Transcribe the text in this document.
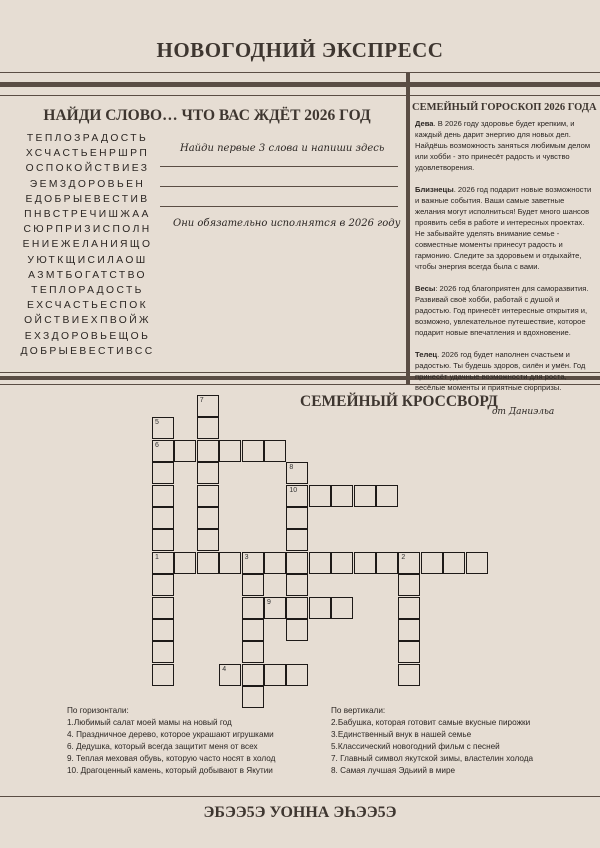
НОВОГОДНИЙ ЭКСПРЕСС
НАЙДИ СЛОВО… ЧТО ВАС ЖДЁТ 2026 ГОД
ТЕПЛОЗРАДОСТЬ
ХСЧАСТЬЕНРШРП
ОСПОКОЙСТВИЕЗ
ЭЕМЗДОРОВЬЕН
ЕДОБРЫЕВЕСТИВ
ПНВСТРЕЧИШЖАА
СЮРПРИЗИСПОЛН
ЕНИЕЖЕЛАНИЯЩО
УЮТКЩИСИЛАОШ
АЗМТБОГАТСТВО
ТЕПЛОРАДОСТЬ
ЕХСЧАСТЬЕСПОК
ОЙСТВИЕХПВОЙЖ
ЕХЗДОРОВЬЕЩОЬ
ДОБРЫЕВЕСТИВСС
Найди первые 3 слова и напиши здесь
Они обязательно исполнятся в 2026 году
СЕМЕЙНЫЙ ГОРОСКОП 2026 ГОДА

Дева. В 2026 году здоровье будет крепким, и каждый день дарит энергию для новых дел. Найдёшь возможность заняться любимым делом или хобби - это принесёт радость и чувство удовлетворения.

Близнецы. 2026 год подарит новые возможности и важные события. Ваши самые заветные желания могут исполниться! Будет много шансов проявить себя в работе и интересных проектах. Не забывайте уделять внимание семье - совместные моменты принесут радость и гармонию. Следите за здоровьем и отдыхайте, чтобы энергия всегда была с вами.

Весы: 2026 год благоприятен для саморазвития. Развивай своё хобби, работай с душой и радостью. Год принесёт интересные открытия и, возможно, увлекательное путешествие, которое подарит новые впечатления и вдохновение.

Телец. 2026 год будет наполнен счастьем и радостью. Ты будешь здоров, силён и умён. Год принесёт удачные возможности для роста, весёлые моменты и приятные сюрпризы.

СЕМЕЙНЫЙ КРОССВОРД
от Даниэльа
5
6
1
7
8
10
3	2
9
4
По горизонтали:
1.Любимый салат моей мамы на новый год
4. Праздничное дерево, которое украшают игрушками
6. Дедушка, который всегда защитит меня от всех
9. Теплая меховая обувь, которую часто носят в холод
10. Драгоценный камень, который добывают в Якутии
По вертикали:
2.Бабушка, которая готовит самые вкусные пирожки
3.Единственный внук в нашей семье
5.Классический новогодний фильм с песней
7. Главный символ якутской зимы, властелин холода
8. Самая лучшая Эдьиий в мире
ЭБЭЭ5Э УОННА ЭҺЭЭ5Э
